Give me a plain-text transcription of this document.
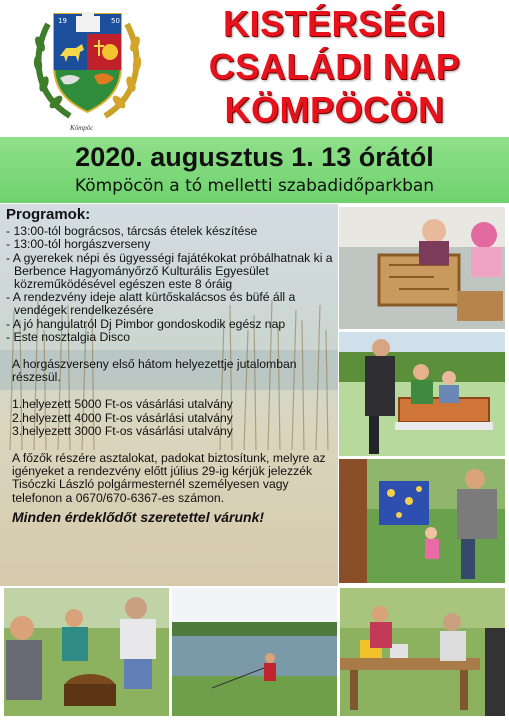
19	50
Kömpöc
KISTÉRSÉGI
CSALÁDI NAP
KÖMPÖCÖN
2020. augusztus 1. 13 órától
Kömpöcön a tó melletti szabadidőparkban
Programok:
- 13:00-tól bográcsos, tárcsás ételek készítése
- 13:00-tól horgászverseny
- A gyerekek népi és ügyességi fajátékokat próbálhatnak ki a Berbence Hagyományőrző Kulturális Egyesület közreműködésével egészen este 8 óráig
- A rendezvény ideje alatt kürtőskalácsos és büfé áll a vendégek rendelkezésére
- A jó hangulatról Dj Pimbor gondoskodik egész nap
- Este nosztalgia Disco

A horgászverseny első hátom helyezettje jutalomban részesül.

1.helyezett 5000 Ft-os vásárlási utalvány
2.helyezett 4000 Ft-os vásárlási utalvány
3.helyezett 3000 Ft-os vásárlási utalvány

A főzők részére asztalokat, padokat biztosítunk, melyre az igényeket a rendezvény előtt július 29-ig kérjük jelezzék Tisóczki László polgármesternél személyesen vagy telefonon a 0670/670-6367-es számon.

Minden érdeklődőt szeretettel várunk!
